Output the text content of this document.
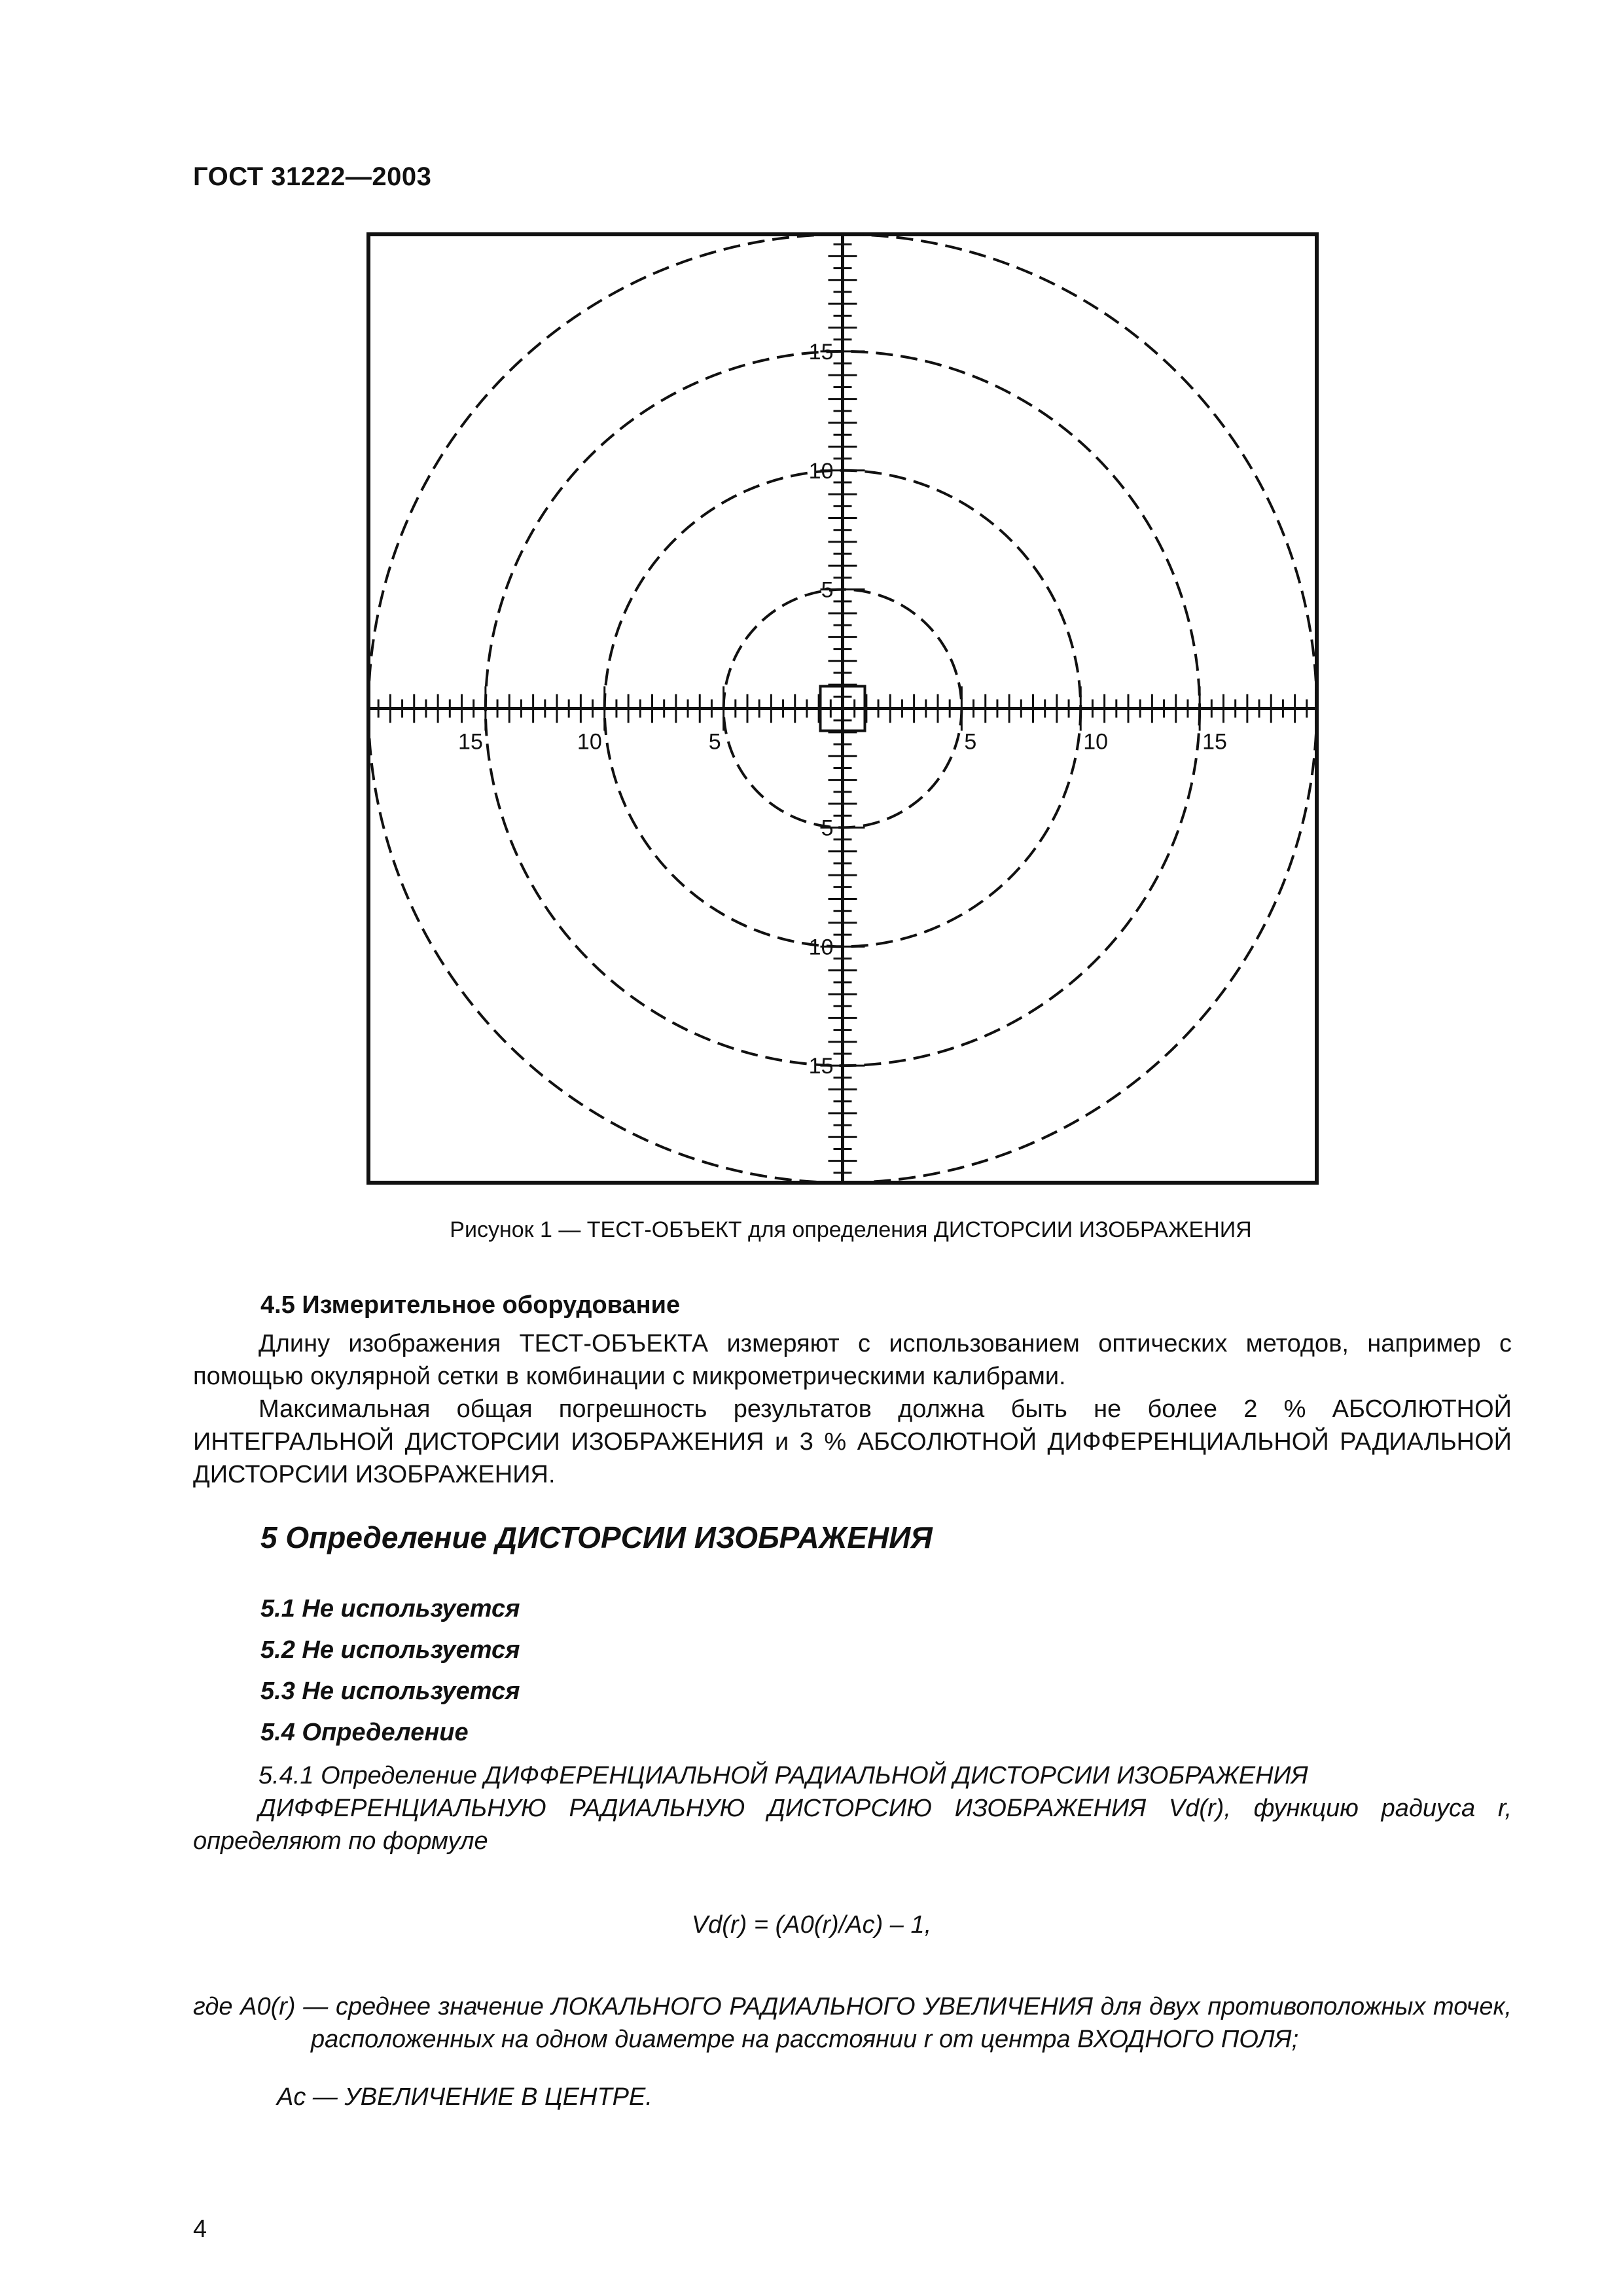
ГОСТ 31222—2003
15
10
5
5
10
15
15	10	5	5	10	15
Рисунок 1 — ТЕСТ-ОБЪЕКТ для определения ДИСТОРСИИ ИЗОБРАЖЕНИЯ
4.5 Измерительное оборудование

Длину изображения ТЕСТ-ОБЪЕКТА измеряют с использованием оптических методов, например с помощью окулярной сетки в комбинации с микрометрическими калибрами.

Максимальная общая погрешность результатов должна быть не более 2 % АБСОЛЮТНОЙ ИНТЕГРАЛЬНОЙ ДИСТОРСИИ ИЗОБРАЖЕНИЯ и 3 % АБСОЛЮТНОЙ ДИФФЕРЕНЦИАЛЬНОЙ РАДИАЛЬНОЙ ДИСТОРСИИ ИЗОБРАЖЕНИЯ.

5 Определение ДИСТОРСИИ ИЗОБРАЖЕНИЯ
5.1 Не используется
5.2 Не используется
5.3 Не используется
5.4 Определение

5.4.1 Определение ДИФФЕРЕНЦИАЛЬНОЙ РАДИАЛЬНОЙ ДИСТОРСИИ ИЗОБРАЖЕНИЯ

ДИФФЕРЕНЦИАЛЬНУЮ РАДИАЛЬНУЮ ДИСТОРСИЮ ИЗОБРАЖЕНИЯ Vd(r), функцию радиуса r, определяют по формуле

Vd(r) = (A0(r)/Ac) – 1,

где A0(r) — среднее значение ЛОКАЛЬНОГО РАДИАЛЬНОГО УВЕЛИЧЕНИЯ для двух противоположных точек, расположенных на одном диаметре на расстоянии r от центра ВХОДНОГО ПОЛЯ;

Ac — УВЕЛИЧЕНИЕ В ЦЕНТРЕ.

4
